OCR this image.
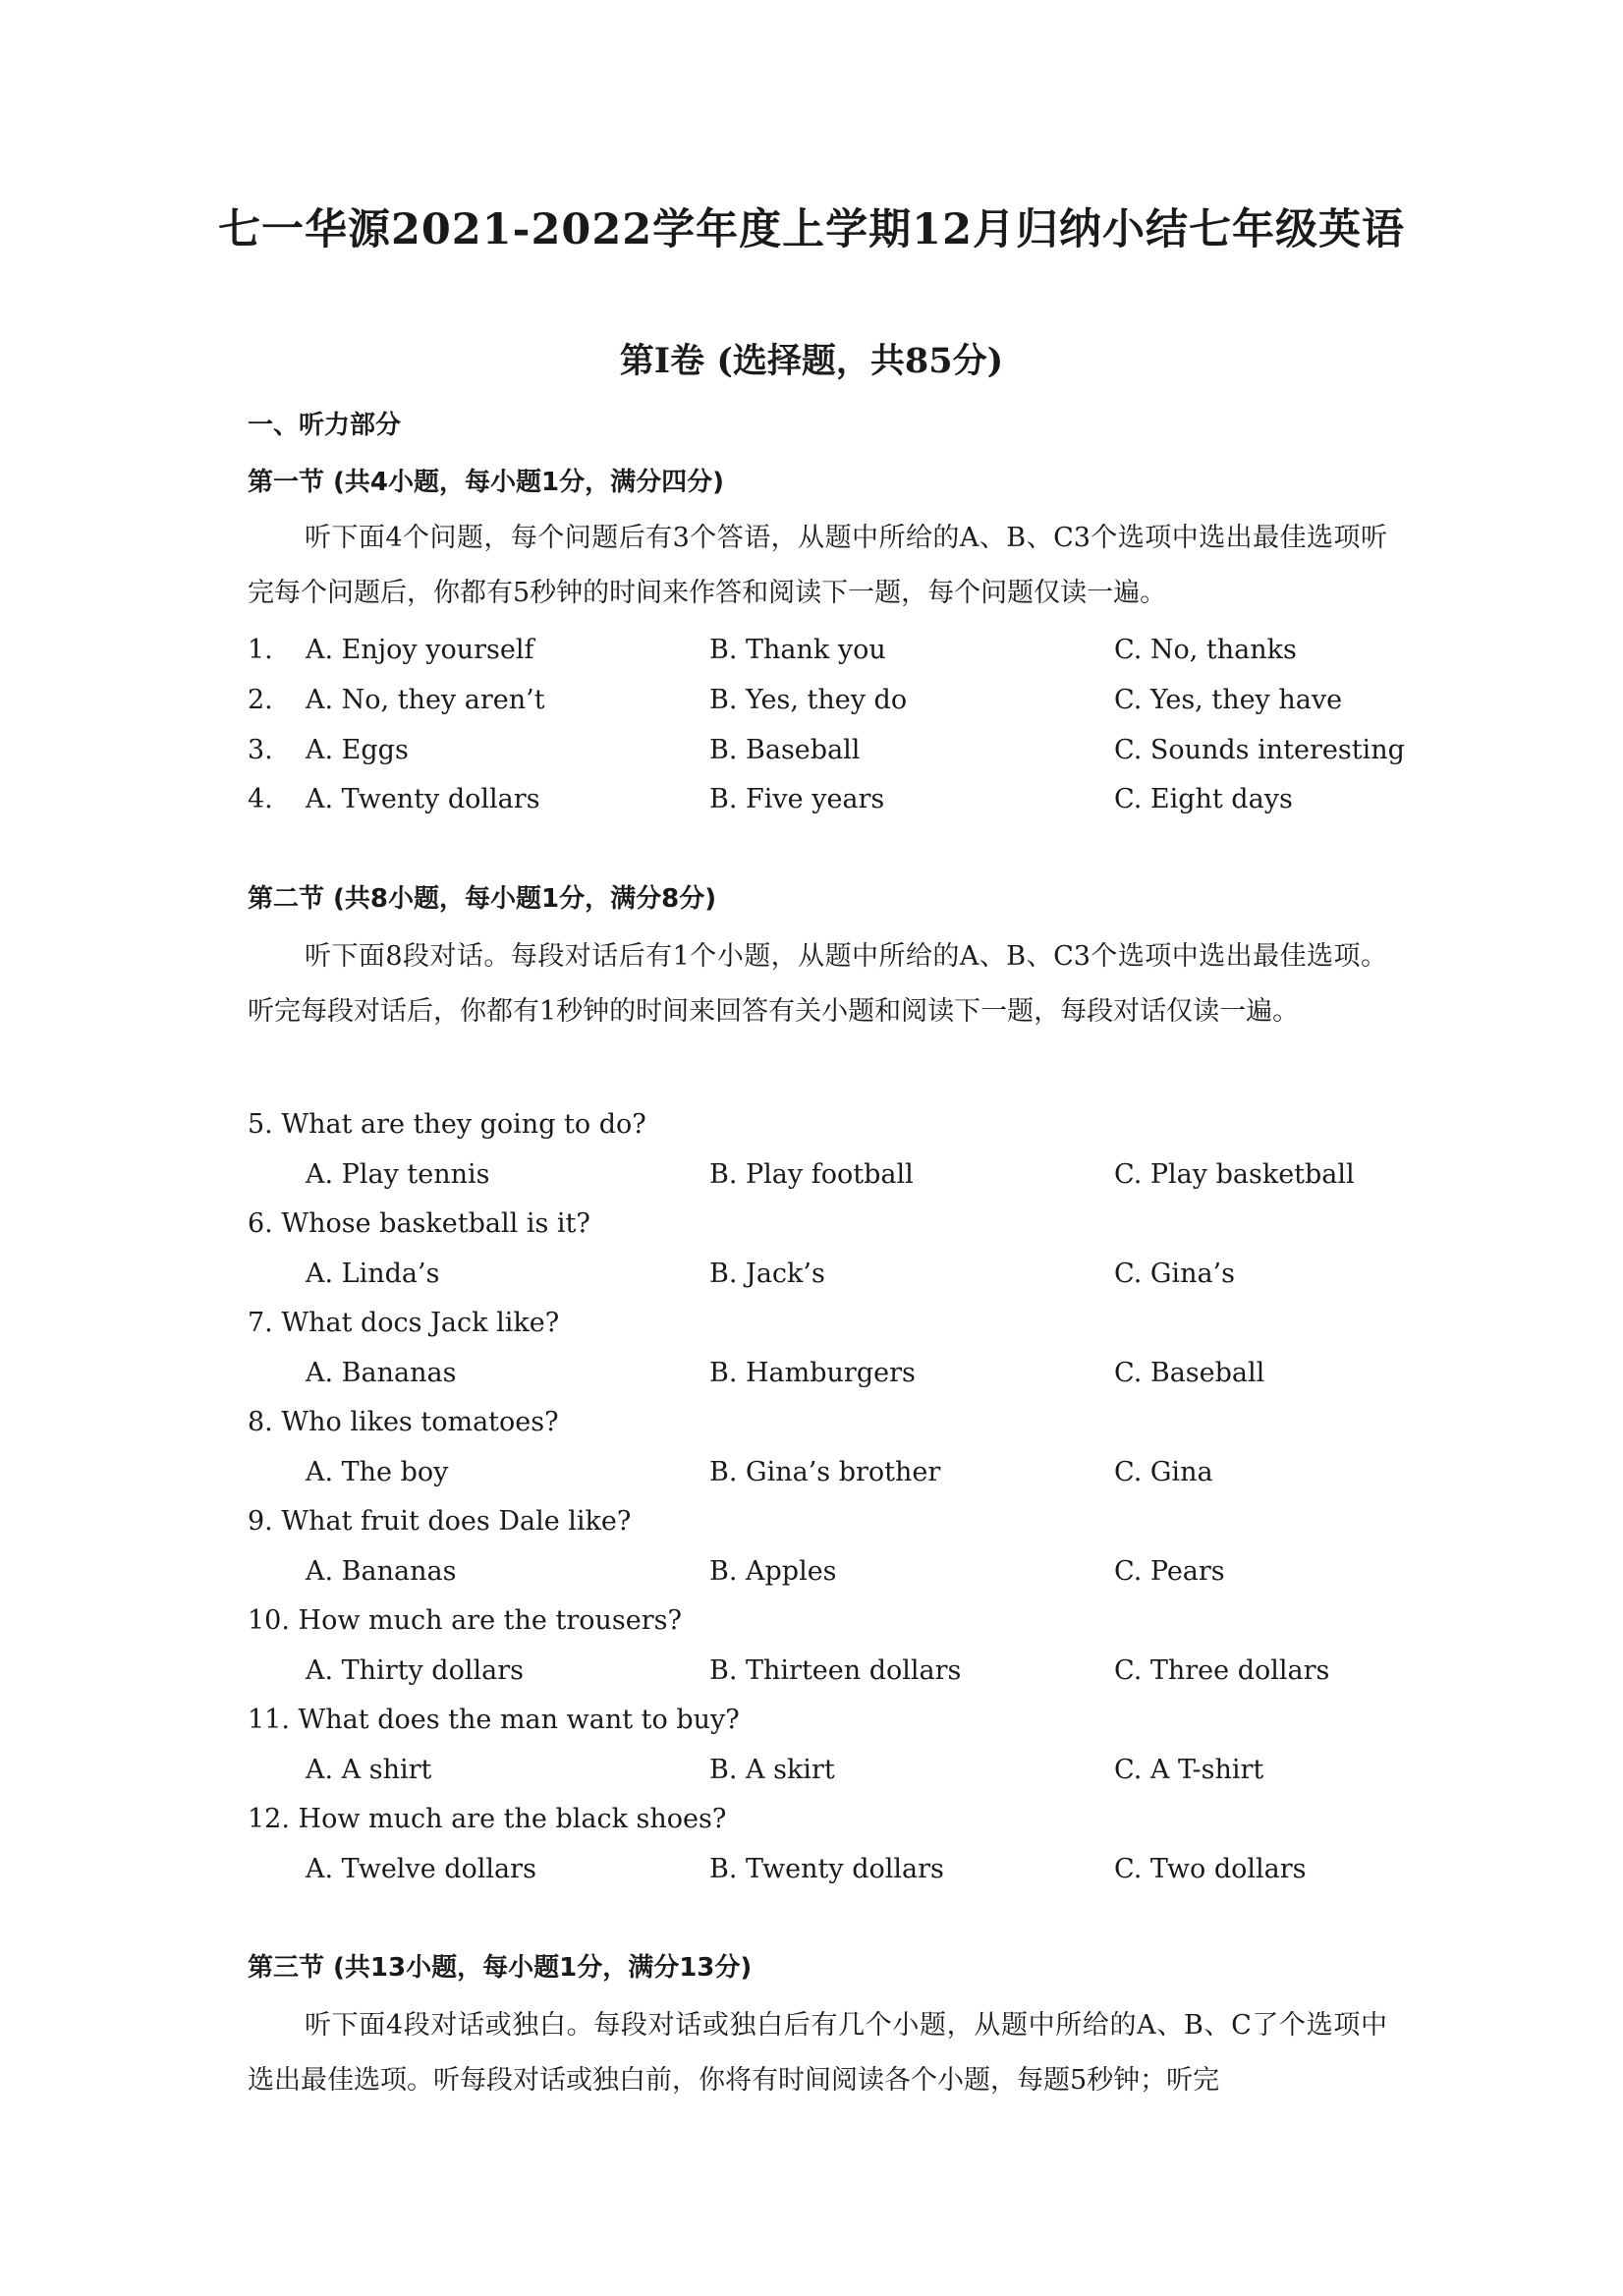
七一华源2021-2022学年度上学期12月归纳小结七年级英语
第I卷 (选择题，共85分)
一、听力部分
第一节 (共4小题，每小题1分，满分四分)

听下面4个问题，每个问题后有3个答语，从题中所给的A、B、C3个选项中选出最佳选项听完每个问题后，你都有5秒钟的时间来作答和阅读下一题，每个问题仅读一遍。

1. A. Enjoy yourself	B. Thank you	C. No, thanks
2. A. No, they aren’t	B. Yes, they do	C. Yes, they have
3. A. Eggs	B. Baseball	C. Sounds interesting
4. A. Twenty dollars	B. Five years	C. Eight days
第二节 (共8小题，每小题1分，满分8分)

听下面8段对话。每段对话后有1个小题，从题中所给的A、B、C3个选项中选出最佳选项。听完每段对话后，你都有1秒钟的时间来回答有关小题和阅读下一题，每段对话仅读一遍。

5. What are they going to do?
A. Play tennis	B. Play football	C. Play basketball
6. Whose basketball is it?
A. Linda’s	B. Jack’s	C. Gina’s
7. What docs Jack like?
A. Bananas	B. Hamburgers	C. Baseball
8. Who likes tomatoes?
A. The boy	B. Gina’s brother	C. Gina
9. What fruit does Dale like?
A. Bananas	B. Apples	C. Pears
10. How much are the trousers?
A. Thirty dollars	B. Thirteen dollars	C. Three dollars
11. What does the man want to buy?
A. A shirt	B. A skirt	C. A T-shirt
12. How much are the black shoes?
A. Twelve dollars	B. Twenty dollars	C. Two dollars
第三节 (共13小题，每小题1分，满分13分)

听下面4段对话或独白。每段对话或独白后有几个小题，从题中所给的A、B、C了个选项中选出最佳选项。听每段对话或独白前，你将有时间阅读各个小题，每题5秒钟；听完
